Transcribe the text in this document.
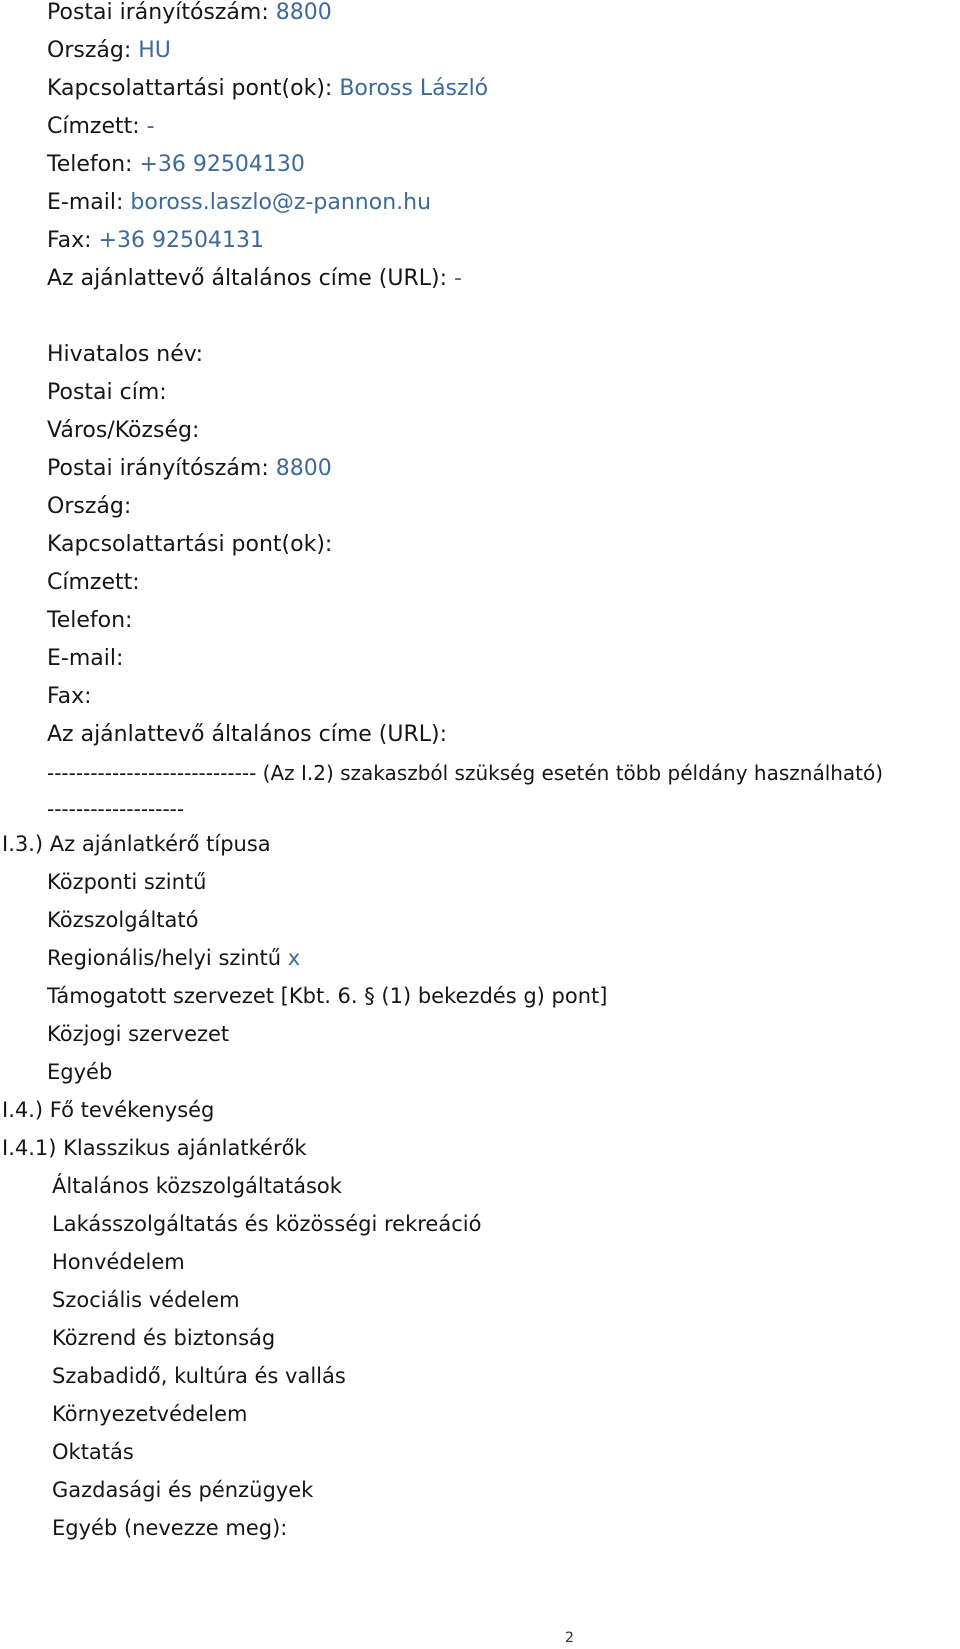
Postai irányítószám: 8800
Ország: HU
Kapcsolattartási pont(ok): Boross László
Címzett: -
Telefon: +36 92504130
E-mail: boross.laszlo@z-pannon.hu
Fax: +36 92504131
Az ajánlattevő általános címe (URL): -
Hivatalos név:
Postai cím:
Város/Község:
Postai irányítószám: 8800
Ország:
Kapcsolattartási pont(ok):
Címzett:
Telefon:
E-mail:
Fax:
Az ajánlattevő általános címe (URL):
----------------------------- (Az I.2) szakaszból szükség esetén több példány használható)
-------------------
I.3.) Az ajánlatkérő típusa
Központi szintű
Közszolgáltató
Regionális/helyi szintű x
Támogatott szervezet [Kbt. 6. § (1) bekezdés g) pont]
Közjogi szervezet
Egyéb
I.4.) Fő tevékenység
I.4.1) Klasszikus ajánlatkérők
Általános közszolgáltatások
Lakásszolgáltatás és közösségi rekreáció
Honvédelem
Szociális védelem
Közrend és biztonság
Szabadidő, kultúra és vallás
Környezetvédelem
Oktatás
Gazdasági és pénzügyek
Egyéb (nevezze meg):
2
